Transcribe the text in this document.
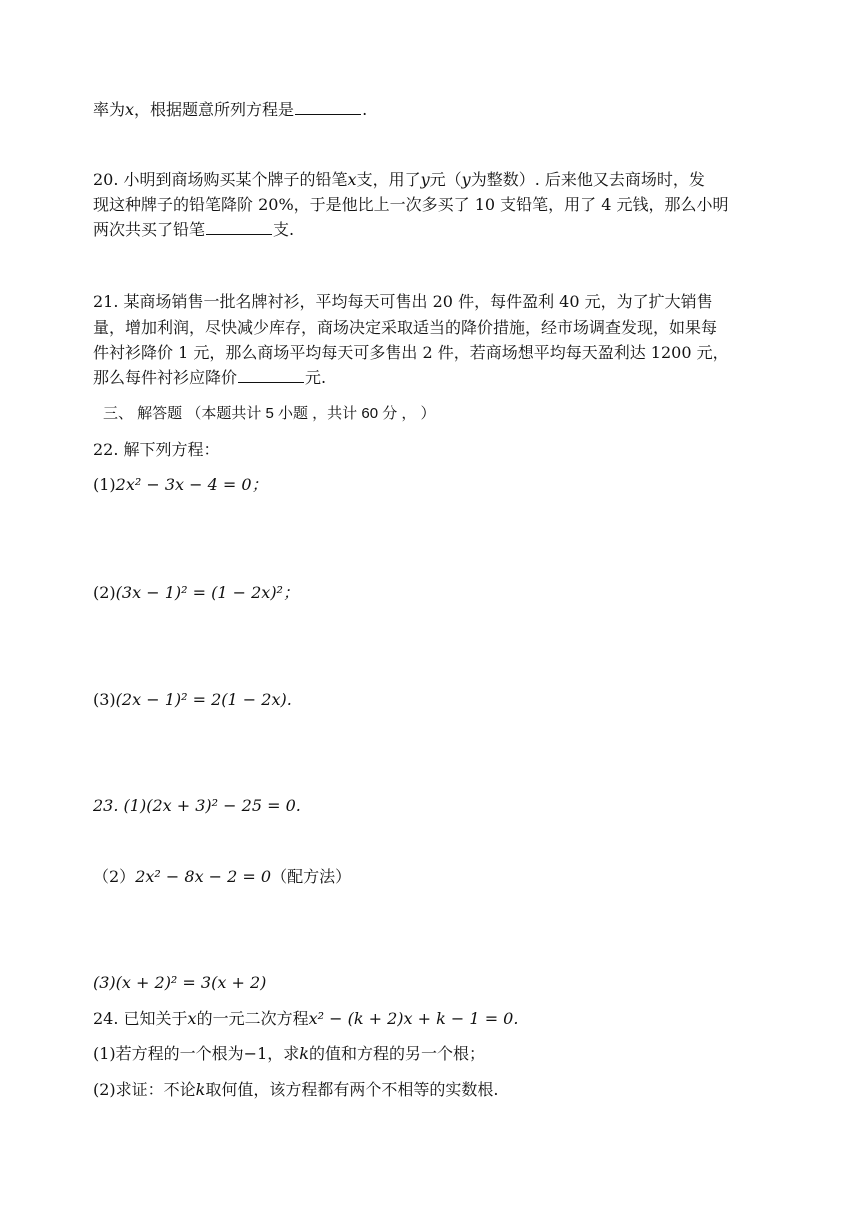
率为x，根据题意所列方程是	.
20. 小明到商场购买某个牌子的铅笔x支，用了y元（y为整数）. 后来他又去商场时，发
现这种牌子的铅笔降阶 20%，于是他比上一次多买了 10 支铅笔，用了 4 元钱，那么小明
两次共买了铅笔	支.
21. 某商场销售一批名牌衬衫，平均每天可售出 20 件，每件盈利 40 元，为了扩大销售
量，增加利润，尽快减少库存，商场决定采取适当的降价措施，经市场调查发现，如果每
件衬衫降价 1 元，那么商场平均每天可多售出 2 件，若商场想平均每天盈利达 1200 元，
那么每件衬衫应降价	元.
三、 解答题 （本题共计 5 小题 ，共计 60 分 ， ）
22. 解下列方程：
(1)2x² − 3x − 4 = 0；
(2)(3x − 1)² = (1 − 2x)²；
(3)(2x − 1)² = 2(1 − 2x).
23. (1)(2x + 3)² − 25 = 0.
（2）2x² − 8x − 2 = 0（配方法）
(3)(x + 2)² = 3(x + 2)
24. 已知关于x的一元二次方程x² − (k + 2)x + k − 1 = 0.
(1)若方程的一个根为−1，求k的值和方程的另一个根；
(2)求证：不论k取何值，该方程都有两个不相等的实数根.
